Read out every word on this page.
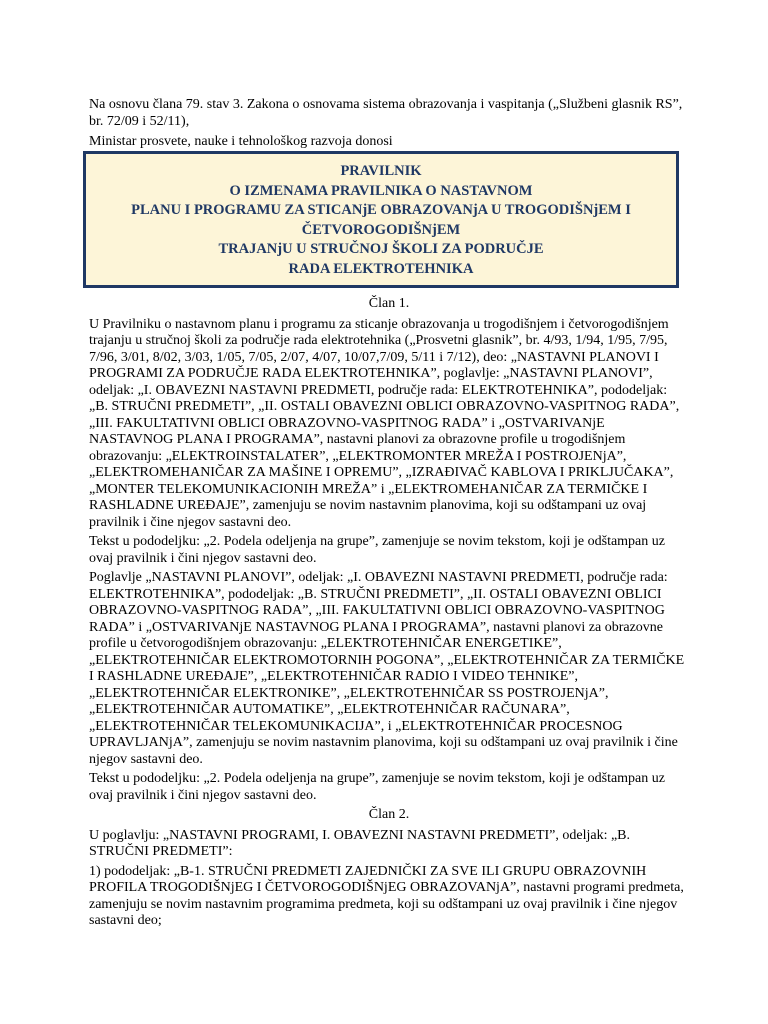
Na osnovu člana 79. stav 3. Zakona o osnovama sistema obrazovanja i vaspitanja („Službeni glasnik RS”, br. 72/09 i 52/11),

Ministar prosvete, nauke i tehnološkog razvoja donosi

PRAVILNIK
O IZMENAMA PRAVILNIKA O NASTAVNOM
PLANU I PROGRAMU ZA STICANjE OBRAZOVANjA U TROGODIŠNjEM I
ČETVOROGODIŠNjEM
TRAJANjU U STRUČNOJ ŠKOLI ZA PODRUČJE
RADA ELEKTROTEHNIKA

Član 1.

U Pravilniku o nastavnom planu i programu za sticanje obrazovanja u trogodišnjem i četvorogodišnjem trajanju u stručnoj školi za područje rada elektrotehnika („Prosvetni glasnik”, br. 4/93, 1/94, 1/95, 7/95, 7/96, 3/01, 8/02, 3/03, 1/05, 7/05, 2/07, 4/07, 10/07,7/09, 5/11 i 7/12), deo: „NASTAVNI PLANOVI I PROGRAMI ZA PODRUČJE RADA ELEKTROTEHNIKA”, poglavlje: „NASTAVNI PLANOVI”, odeljak: „I. OBAVEZNI NASTAVNI PREDMETI, područje rada: ELEKTROTEHNIKA”, pododeljak: „B. STRUČNI PREDMETI”, „II. OSTALI OBAVEZNI OBLICI OBRAZOVNO-VASPITNOG RADA”, „III. FAKULTATIVNI OBLICI OBRAZOVNO-VASPITNOG RADA” i „OSTVARIVANjE NASTAVNOG PLANA I PROGRAMA”, nastavni planovi za obrazovne profile u trogodišnjem obrazovanju: „ELEKTROINSTALATER”, „ELEKTROMONTER MREŽA I POSTROJENjA”, „ELEKTROMEHANIČAR ZA MAŠINE I OPREMU”, „IZRAĐIVAČ KABLOVA I PRIKLJUČAKA”, „MONTER TELEKOMUNIKACIONIH MREŽA” i „ELEKTROMEHANIČAR ZA TERMIČKE I RASHLADNE UREĐAJE”, zamenjuju se novim nastavnim planovima, koji su odštampani uz ovaj pravilnik i čine njegov sastavni deo.

Tekst u pododeljku: „2. Podela odeljenja na grupe”, zamenjuje se novim tekstom, koji je odštampan uz ovaj pravilnik i čini njegov sastavni deo.

Poglavlje „NASTAVNI PLANOVI”, odeljak: „I. OBAVEZNI NASTAVNI PREDMETI, područje rada: ELEKTROTEHNIKA”, pododeljak: „B. STRUČNI PREDMETI”, „II. OSTALI OBAVEZNI OBLICI OBRAZOVNO-VASPITNOG RADA”, „III. FAKULTATIVNI OBLICI OBRAZOVNO-VASPITNOG RADA” i „OSTVARIVANjE NASTAVNOG PLANA I PROGRAMA”, nastavni planovi za obrazovne profile u četvorogodišnjem obrazovanju: „ELEKTROTEHNIČAR ENERGETIKE”, „ELEKTROTEHNIČAR ELEKTROMOTORNIH POGONA”, „ELEKTROTEHNIČAR ZA TERMIČKE I RASHLADNE UREĐAJE”, „ELEKTROTEHNIČAR RADIO I VIDEO TEHNIKE”, „ELEKTROTEHNIČAR ELEKTRONIKE”, „ELEKTROTEHNIČAR SS POSTROJENjA”, „ELEKTROTEHNIČAR AUTOMATIKE”, „ELEKTROTEHNIČAR RAČUNARA”, „ELEKTROTEHNIČAR TELEKOMUNIKACIJA”, i „ELEKTROTEHNIČAR PROCESNOG UPRAVLJANjA”, zamenjuju se novim nastavnim planovima, koji su odštampani uz ovaj pravilnik i čine njegov sastavni deo.

Tekst u pododeljku: „2. Podela odeljenja na grupe”, zamenjuje se novim tekstom, koji je odštampan uz ovaj pravilnik i čini njegov sastavni deo.

Član 2.

U poglavlju: „NASTAVNI PROGRAMI, I. OBAVEZNI NASTAVNI PREDMETI”, odeljak: „B. STRUČNI PREDMETI”:

1) pododeljak: „B-1. STRUČNI PREDMETI ZAJEDNIČKI ZA SVE ILI GRUPU OBRAZOVNIH PROFILA TROGODIŠNjEG I ČETVOROGODIŠNjEG OBRAZOVANjA”, nastavni programi predmeta, zamenjuju se novim nastavnim programima predmeta, koji su odštampani uz ovaj pravilnik i čine njegov sastavni deo;
